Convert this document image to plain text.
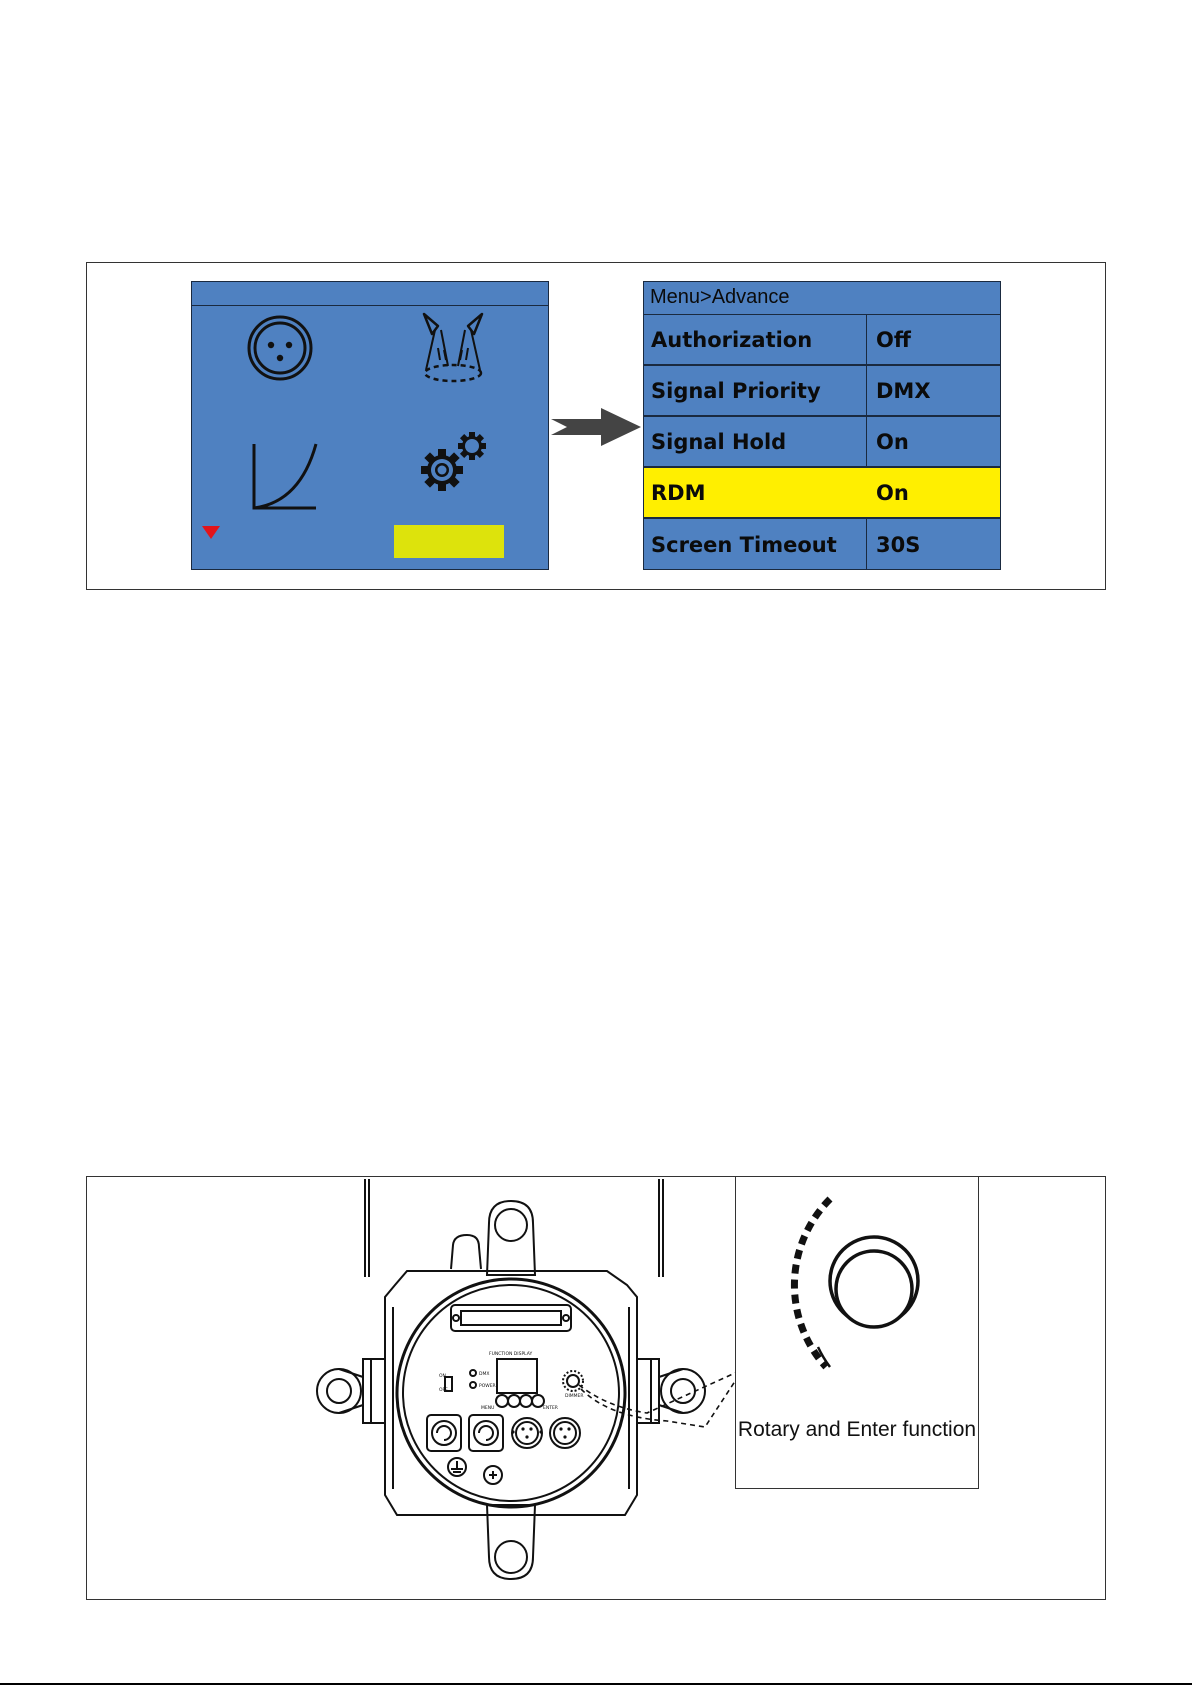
Menu>Advance
Authorization	Off
Signal Priority	DMX
Signal Hold	On
RDM	On
Screen Timeout 30S
FUNCTION DISPLAY
ON
OFF
DMX
POWER
MENU	ENTER
DIMMER
Rotary and Enter function
